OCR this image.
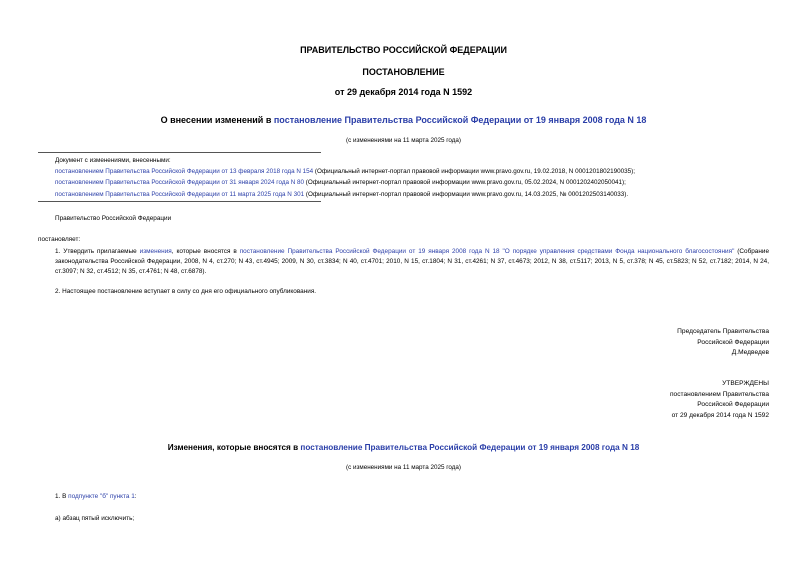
ПРАВИТЕЛЬСТВО РОССИЙСКОЙ ФЕДЕРАЦИИ
ПОСТАНОВЛЕНИЕ
от 29 декабря 2014 года N 1592
О внесении изменений в постановление Правительства Российской Федерации от 19 января 2008 года N 18
(с изменениями на 11 марта 2025 года)
Документ с изменениями, внесенными:
постановлением Правительства Российской Федерации от 13 февраля 2018 года N 154 (Официальный интернет-портал правовой информации www.pravo.gov.ru, 19.02.2018, N 0001201802190035);
постановлением Правительства Российской Федерации от 31 января 2024 года N 80 (Официальный интернет-портал правовой информации www.pravo.gov.ru, 05.02.2024, N 0001202402050041);
постановлением Правительства Российской Федерации от 11 марта 2025 года N 301 (Официальный интернет-портал правовой информации www.pravo.gov.ru, 14.03.2025, № 0001202503140033).
Правительство Российской Федерации
постановляет:
1. Утвердить прилагаемые изменения, которые вносятся в постановление Правительства Российской Федерации от 19 января 2008 года N 18 "О порядке управления средствами Фонда национального благосостояния" (Собрание законодательства Российской Федерации, 2008, N 4, ст.270; N 43, ст.4945; 2009, N 30, ст.3834; N 40, ст.4701; 2010, N 15, ст.1804; N 31, ст.4261; N 37, ст.4673; 2012, N 38, ст.5117; 2013, N 5, ст.378; N 45, ст.5823; N 52, ст.7182; 2014, N 24, ст.3097; N 32, ст.4512; N 35, ст.4761; N 48, ст.6878).
2. Настоящее постановление вступает в силу со дня его официального опубликования.
Председатель Правительства
Российской Федерации
Д.Медведев
УТВЕРЖДЕНЫ
постановлением Правительства
Российской Федерации
от 29 декабря 2014 года N 1592
Изменения, которые вносятся в постановление Правительства Российской Федерации от 19 января 2008 года N 18
(с изменениями на 11 марта 2025 года)
1. В подпункте "б" пункта 1:
а) абзац пятый исключить;
